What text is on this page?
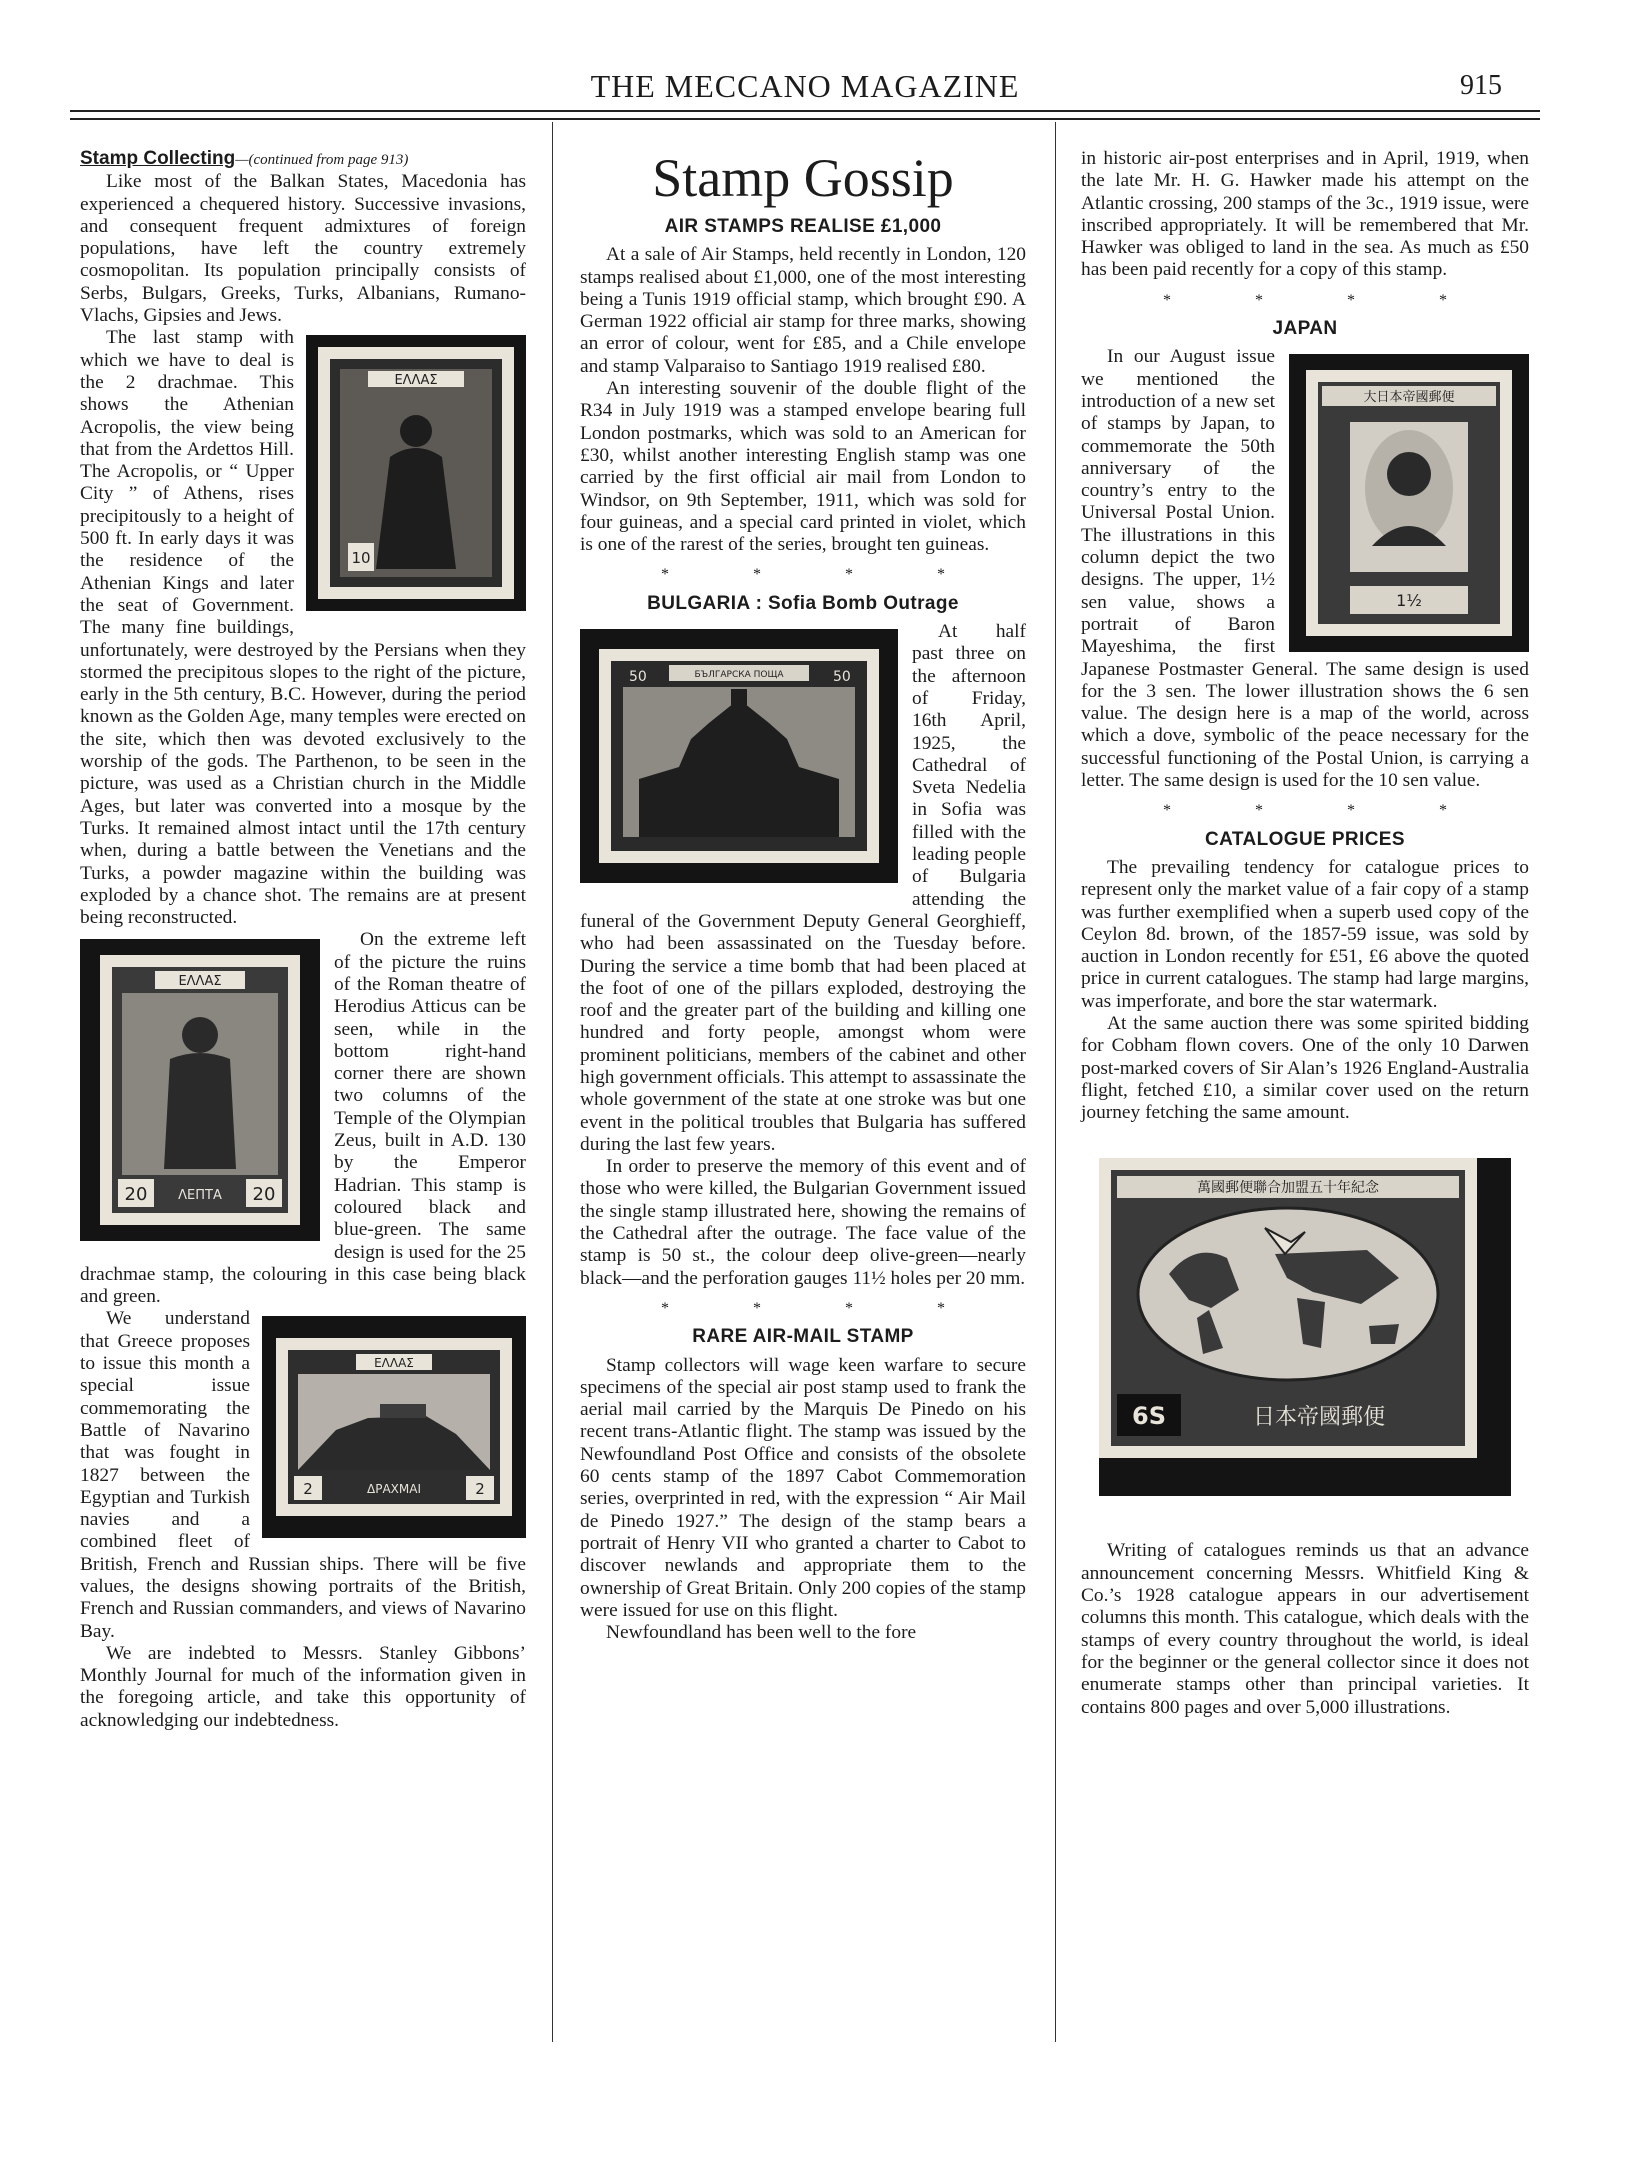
THE MECCANO MAGAZINE	915

Stamp Collecting—(continued from page 913)

Like most of the Balkan States, Macedonia has experienced a chequered history. Successive invasions, and consequent frequent admixtures of foreign populations, have left the country extremely cosmopolitan. Its population principally consists of Serbs, Bulgars, Greeks, Turks, Albanians, Rumano-Vlachs, Gipsies and Jews.

ΕΛΛΑΣ
10

The last stamp with which we have to deal is the 2 drachmae. This shows the Athenian Acropolis, the view being that from the Ardettos Hill. The Acropolis, or “ Upper City ” of Athens, rises precipitously to a height of 500 ft. In early days it was the residence of the Athenian Kings and later the seat of Government. The many fine buildings, unfortunately, were destroyed by the Persians when they stormed the precipitous slopes to the right of the picture, early in the 5th century, B.C. However, during the period known as the Golden Age, many temples were erected on the site, which then was devoted exclusively to the worship of the gods. The Parthenon, to be seen in the picture, was used as a Christian church in the Middle Ages, but later was converted into a mosque by the Turks. It remained almost intact until the 17th century when, during a battle between the Venetians and the Turks, a powder magazine within the building was exploded by a chance shot. The remains are at present being reconstructed.

ΕΛΛΑΣ
20 ΛΕΠΤΑ 20

On the extreme left of the picture the ruins of the Roman theatre of Herodius Atticus can be seen, while in the bottom right-hand corner there are shown two columns of the Temple of the Olympian Zeus, built in A.D. 130 by the Emperor Hadrian. This stamp is coloured black and blue-green. The same design is used for the 25 drachmae stamp, the colouring in this case being black and green.

ΕΛΛΑΣ
2	ΔΡΑΧΜΑΙ	2

We understand that Greece proposes to issue this month a special issue commemorating the Battle of Navarino that was fought in 1827 between the Egyptian and Turkish navies and a combined fleet of British, French and Russian ships. There will be five values, the designs showing portraits of the British, French and Russian commanders, and views of Navarino Bay.

We are indebted to Messrs. Stanley Gibbons’ Monthly Journal for much of the information given in the foregoing article, and take this opportunity of acknowledging our indebtedness.

Stamp Gossip
AIR STAMPS REALISE £1,000

At a sale of Air Stamps, held recently in London, 120 stamps realised about £1,000, one of the most interesting being a Tunis 1919 official stamp, which brought £90. A German 1922 official air stamp for three marks, showing an error of colour, went for £85, and a Chile envelope and stamp Valparaiso to Santiago 1919 realised £80.

An interesting souvenir of the double flight of the R34 in July 1919 was a stamped envelope bearing full London postmarks, which was sold to an American for £30, whilst another interesting English stamp was one carried by the first official air mail from London to Windsor, on 9th September, 1911, which was sold for four guineas, and a special card printed in violet, which is one of the rarest of the series, brought ten guineas.

* * * *
BULGARIA : Sofia Bomb Outrage
БЪЛГАРСКА ПОЩА
50	50

At half past three on the afternoon of Friday, 16th April, 1925, the Cathedral of Sveta Nedelia in Sofia was filled with the leading people of Bulgaria attending the funeral of the Government Deputy General Georghieff, who had been assassinated on the Tuesday before. During the service a time bomb that had been placed at the foot of one of the pillars exploded, destroying the roof and the greater part of the building and killing one hundred and forty people, amongst whom were prominent politicians, members of the cabinet and other high government officials. This attempt to assassinate the whole government of the state at one stroke was but one event in the political troubles that Bulgaria has suffered during the last few years.

In order to preserve the memory of this event and of those who were killed, the Bulgarian Government issued the single stamp illustrated here, showing the remains of the Cathedral after the outrage. The face value of the stamp is 50 st., the colour deep olive-green—nearly black—and the perforation gauges 11½ holes per 20 mm.

* * * *
RARE AIR-MAIL STAMP

Stamp collectors will wage keen warfare to secure specimens of the special air post stamp used to frank the aerial mail carried by the Marquis De Pinedo on his recent trans-Atlantic flight. The stamp was issued by the Newfoundland Post Office and consists of the obsolete 60 cents stamp of the 1897 Cabot Commemoration series, overprinted in red, with the expression “ Air Mail de Pinedo 1927.” The design of the stamp bears a portrait of Henry VII who granted a charter to Cabot to discover newlands and appropriate them to the ownership of Great Britain. Only 200 copies of the stamp were issued for use on this flight.

Newfoundland has been well to the fore

in historic air-post enterprises and in April, 1919, when the late Mr. H. G. Hawker made his attempt on the Atlantic crossing, 200 stamps of the 3c., 1919 issue, were inscribed appropriately. It will be remembered that Mr. Hawker was obliged to land in the sea. As much as £50 has been paid recently for a copy of this stamp.

* * * *
JAPAN
大日本帝國郵便
1½

In our August issue we mentioned the introduction of a new set of stamps by Japan, to commemorate the 50th anniversary of the country’s entry to the Universal Postal Union. The illustrations in this column depict the two designs. The upper, 1½ sen value, shows a portrait of Baron Mayeshima, the first Japanese Postmaster General. The same design is used for the 3 sen. The lower illustration shows the 6 sen value. The design here is a map of the world, across which a dove, symbolic of the peace necessary for the successful functioning of the Postal Union, is carrying a letter. The same design is used for the 10 sen value.

* * * *
CATALOGUE PRICES

The prevailing tendency for catalogue prices to represent only the market value of a fair copy of a stamp was further exemplified when a superb used copy of the Ceylon 8d. brown, of the 1857-59 issue, was sold by auction in London recently for £51, £6 above the quoted price in current catalogues. The stamp had large margins, was imperforate, and bore the star watermark.

At the same auction there was some spirited bidding for Cobham flown covers. One of the only 10 Darwen post-marked covers of Sir Alan’s 1926 England-Australia flight, fetched £10, a similar cover used on the return journey fetching the same amount.

萬國郵便聯合加盟五十年紀念
6S	日本帝國郵便

Writing of catalogues reminds us that an advance announcement concerning Messrs. Whitfield King & Co.’s 1928 catalogue appears in our advertisement columns this month. This catalogue, which deals with the stamps of every country throughout the world, is ideal for the beginner or the general collector since it does not enumerate stamps other than principal varieties. It contains 800 pages and over 5,000 illustrations.
